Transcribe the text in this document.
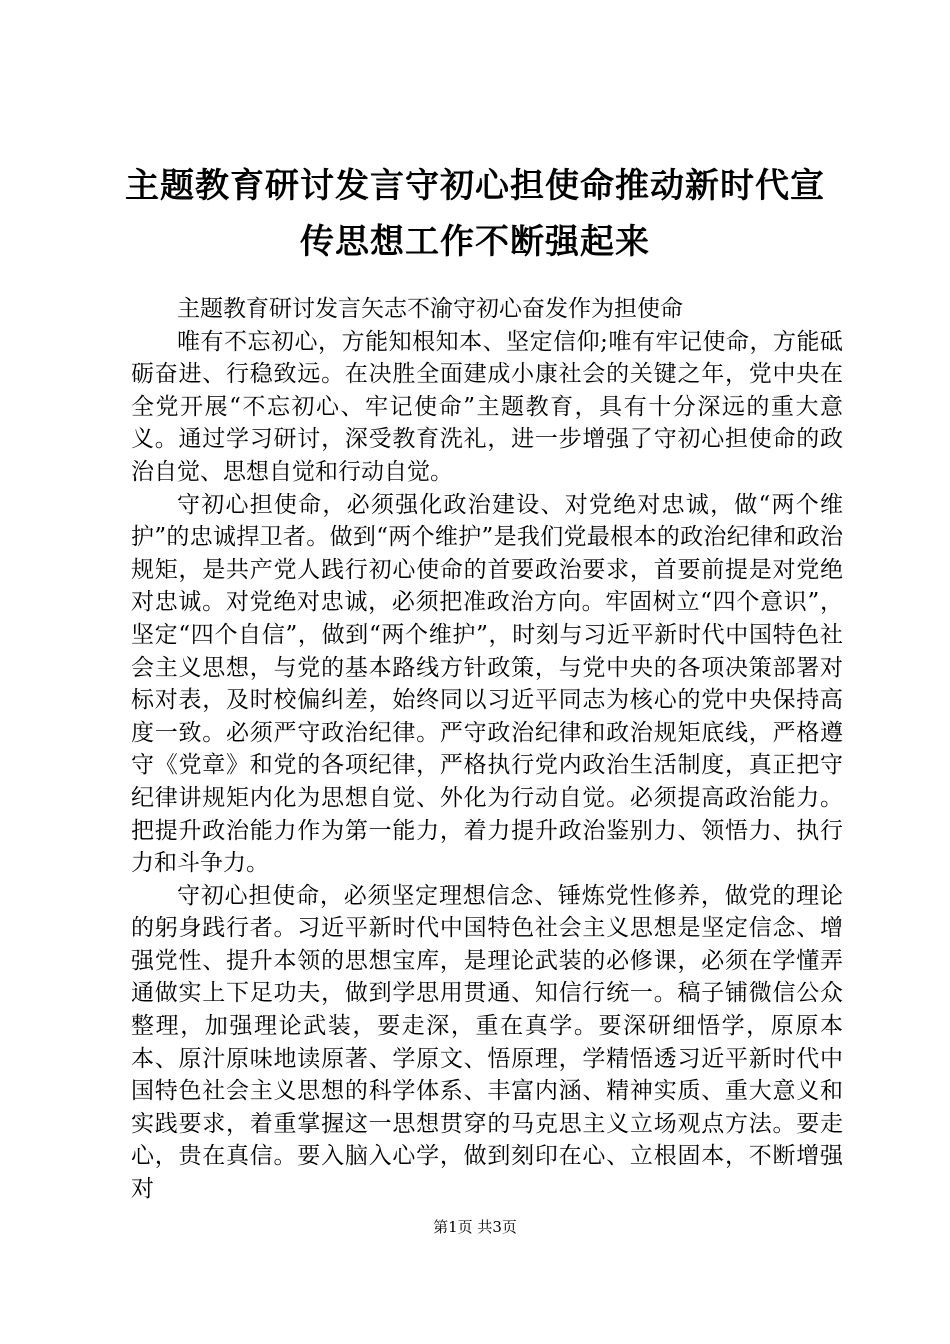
主题教育研讨发言守初心担使命推动新时代宣传思想工作不断强起来

主题教育研讨发言矢志不渝守初心奋发作为担使命

唯有不忘初心，方能知根知本、坚定信仰;唯有牢记使命，方能砥砺奋进、行稳致远。在决胜全面建成小康社会的关键之年，党中央在全党开展“不忘初心、牢记使命”主题教育，具有十分深远的重大意义。通过学习研讨，深受教育洗礼，进一步增强了守初心担使命的政治自觉、思想自觉和行动自觉。

守初心担使命，必须强化政治建设、对党绝对忠诚，做“两个维护”的忠诚捍卫者。做到“两个维护”是我们党最根本的政治纪律和政治规矩，是共产党人践行初心使命的首要政治要求，首要前提是对党绝对忠诚。对党绝对忠诚，必须把准政治方向。牢固树立“四个意识”，坚定“四个自信”，做到“两个维护”，时刻与习近平新时代中国特色社会主义思想，与党的基本路线方针政策，与党中央的各项决策部署对标对表，及时校偏纠差，始终同以习近平同志为核心的党中央保持高度一致。必须严守政治纪律。严守政治纪律和政治规矩底线，严格遵守《党章》和党的各项纪律，严格执行党内政治生活制度，真正把守纪律讲规矩内化为思想自觉、外化为行动自觉。必须提高政治能力。把提升政治能力作为第一能力，着力提升政治鉴别力、领悟力、执行力和斗争力。

守初心担使命，必须坚定理想信念、锤炼党性修养，做党的理论的躬身践行者。习近平新时代中国特色社会主义思想是坚定信念、增强党性、提升本领的思想宝库，是理论武装的必修课，必须在学懂弄通做实上下足功夫，做到学思用贯通、知信行统一。稿子铺微信公众整理，加强理论武装，要走深，重在真学。要深研细悟学，原原本本、原汁原味地读原著、学原文、悟原理，学精悟透习近平新时代中国特色社会主义思想的科学体系、丰富内涵、精神实质、重大意义和实践要求，着重掌握这一思想贯穿的马克思主义立场观点方法。要走心，贵在真信。要入脑入心学，做到刻印在心、立根固本，不断增强对

第1页 共3页
